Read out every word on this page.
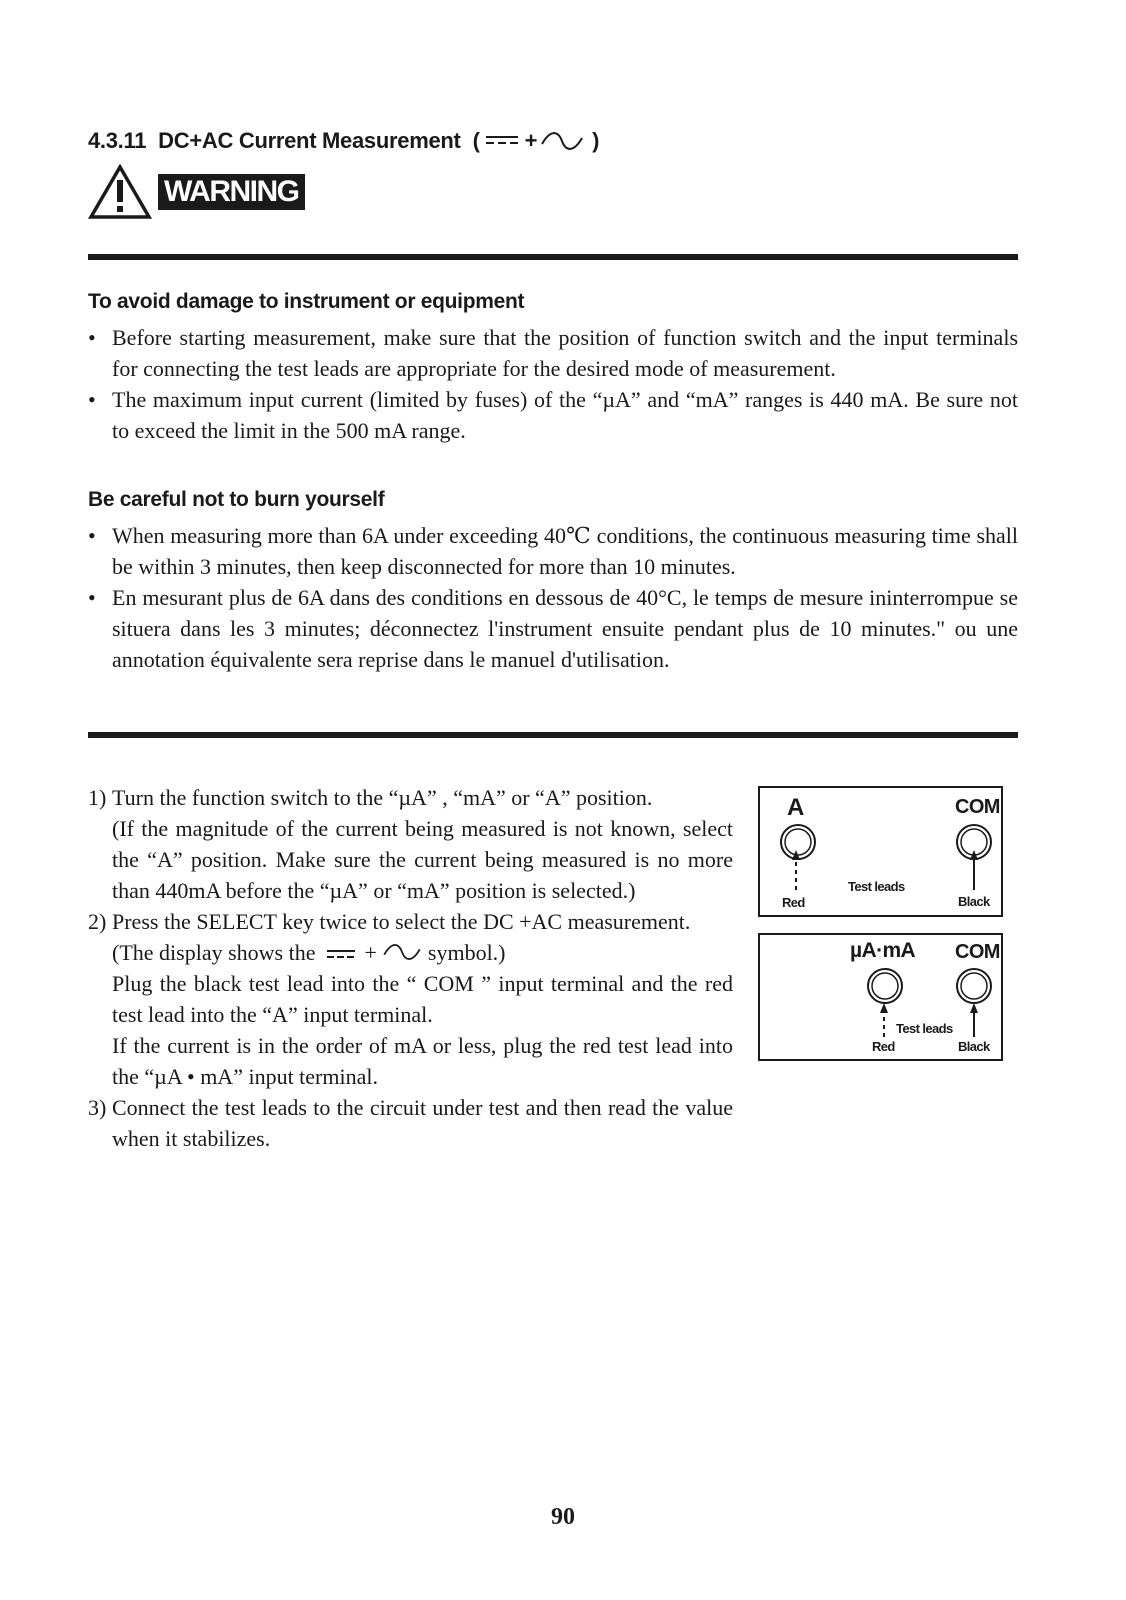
4.3.11 DC+AC Current Measurement ( +	)
WARNING
To avoid damage to instrument or equipment
• Before starting measurement, make sure that the position of function switch and the input terminals for connecting the test leads are appropriate for the desired mode of measurement.
• The maximum input current (limited by fuses) of the “µA” and “mA” ranges is 440 mA. Be sure not to exceed the limit in the 500 mA range.
Be careful not to burn yourself
• When measuring more than 6A under exceeding 40℃ conditions, the continuous measuring time shall be within 3 minutes, then keep disconnected for more than 10 minutes.
• En mesurant plus de 6A dans des conditions en dessous de 40°C, le temps de mesure ininterrompue se situera dans les 3 minutes; déconnectez l'instrument ensuite pendant plus de 10 minutes." ou une annotation équivalente sera reprise dans le manuel d'utilisation.
1) Turn the function switch to the “µA” , “mA” or “A” position.

(If the magnitude of the current being measured is not known, select the “A” position. Make sure the current being measured is no more than 440mA before the “µA” or “mA” position is selected.)

2) Press the SELECT key twice to select the DC +AC measurement.

(The display shows the + symbol.)

Plug the black test lead into the “ COM ” input terminal and the red test lead into the “A” input terminal.

If the current is in the order of mA or less, plug the red test lead into the “µA • mA” input terminal.

3) Connect the test leads to the circuit under test and then read the value when it stabilizes.

A	COM
Test leads
Red	Black
µA·mA COM
Test leads
Red	Black
90
